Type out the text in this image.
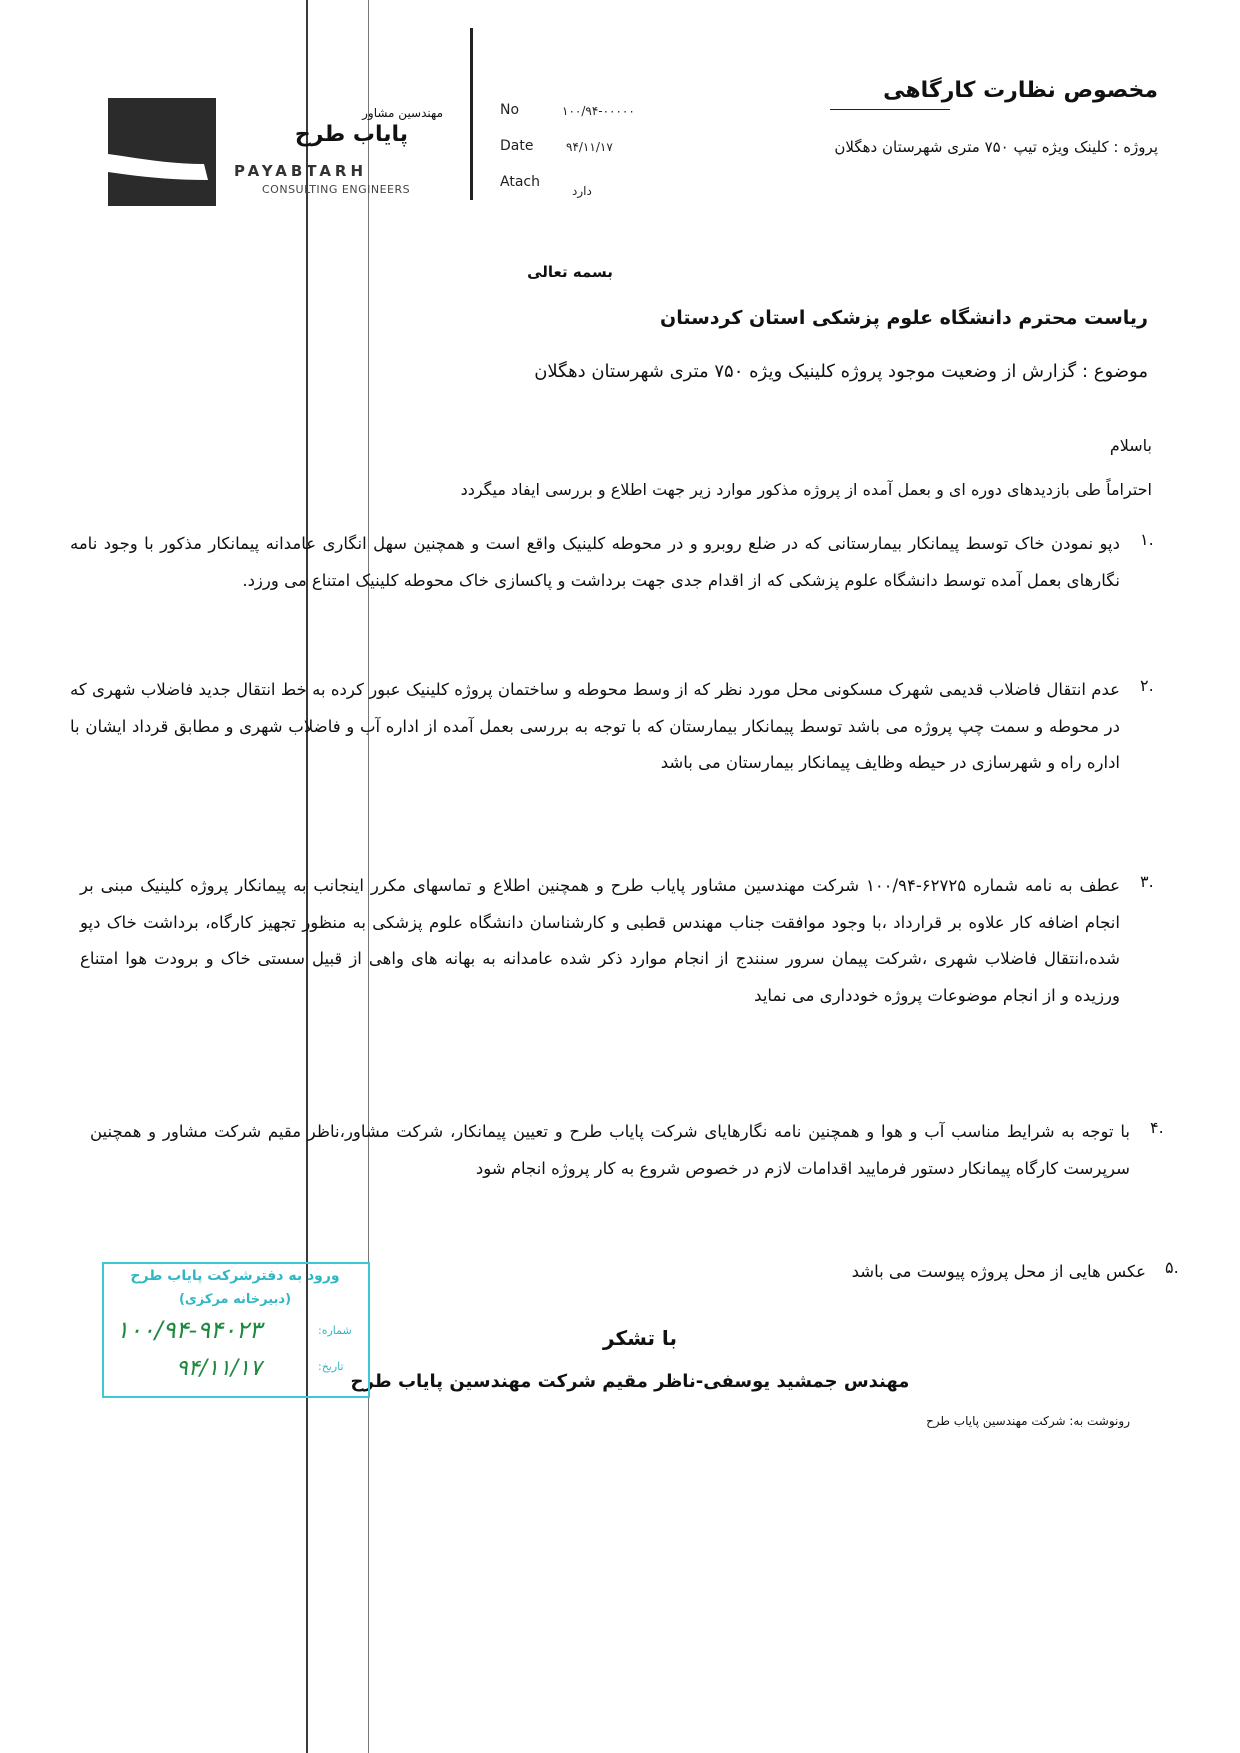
مهندسین مشاور
پایاب طرح
PAYABTARH
CONSULTING ENGINEERS
No	۱۰۰/۹۴-۰۰۰۰۰
Date	۹۴/۱۱/۱۷
Atach
دارد
مخصوص نظارت کارگاهی
پروژه : کلینک ویژه تیپ ۷۵۰ متری شهرستان دهگلان
بسمه تعالی
ریاست محترم دانشگاه علوم پزشکی استان کردستان
موضوع : گزارش از وضعیت موجود پروژه کلینیک ویژه ۷۵۰ متری شهرستان دهگلان
باسلام
احتراماً طی بازدیدهای دوره ای و بعمل آمده از پروژه مذکور موارد زیر جهت اطلاع و بررسی ایفاد میگردد
۱.
دپو نمودن خاک توسط پیمانکار بیمارستانی که در ضلع روبرو و در محوطه کلینیک واقع است و همچنین سهل انگاری عامدانه پیمانکار مذکور با وجود نامه نگارهای بعمل آمده توسط دانشگاه علوم پزشکی که از اقدام جدی جهت برداشت و پاکسازی خاک محوطه کلینیک امتناع می ورزد.
۲.
عدم انتقال فاضلاب قدیمی شهرک مسکونی محل مورد نظر که از وسط محوطه و ساختمان پروژه کلینیک عبور کرده به خط انتقال جدید فاضلاب شهری که در محوطه و سمت چپ پروژه می باشد توسط پیمانکار بیمارستان که با توجه به بررسی بعمل آمده از اداره آب و فاضلاب شهری و مطابق قرداد ایشان با اداره راه و شهرسازی در حیطه وظایف پیمانکار بیمارستان می باشد
۳.
عطف به نامه شماره ۶۲۷۲۵-۱۰۰/۹۴ شرکت مهندسین مشاور پایاب طرح و همچنین اطلاع و تماسهای مکرر اینجانب به پیمانکار پروژه کلینیک مبنی بر انجام اضافه کار علاوه بر قرارداد ،با وجود موافقت جناب مهندس قطبی و کارشناسان دانشگاه علوم پزشکی به منظور تجهیز کارگاه، برداشت خاک دپو شده،انتقال فاضلاب شهری ،شرکت پیمان سرور سنندج از انجام موارد ذکر شده عامدانه به بهانه های واهی از قبیل سستی خاک و برودت هوا امتناع ورزیده و از انجام موضوعات پروژه خودداری می نماید
۴.
با توجه به شرایط مناسب آب و هوا و همچنین نامه نگارهایای شرکت پایاب طرح و تعیین پیمانکار، شرکت مشاور،ناظر مقیم شرکت مشاور و همچنین سرپرست کارگاه پیمانکار دستور فرمایید اقدامات لازم در خصوص شروع به کار پروژه انجام شود
۵.
عکس هایی از محل پروژه پیوست می باشد
با تشکر
مهندس جمشید یوسفی-ناظر مقیم شرکت مهندسین پایاب طرح
رونوشت به: شرکت مهندسین پایاب طرح
ورود به دفترشرکت پایاب طرح
(دبیرخانه مرکزی)
شماره:
تاریخ:
۱۰۰/۹۴-۹۴۰۲۳
۹۴/۱۱/۱۷
